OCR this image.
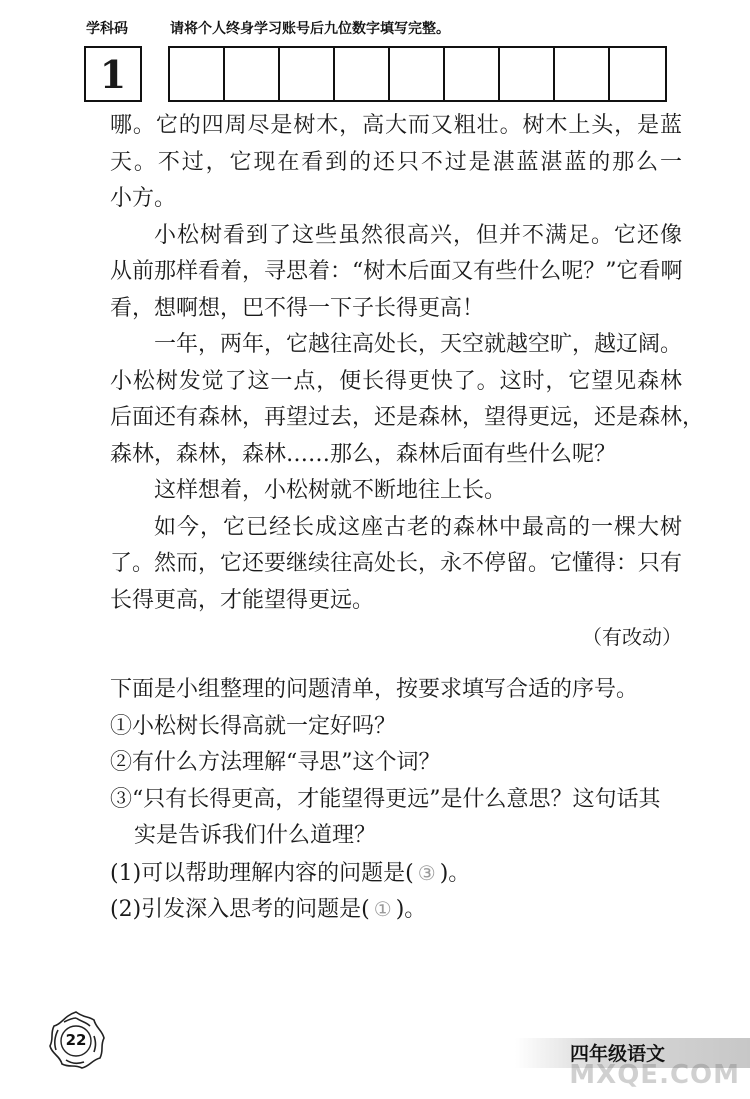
学科码	请将个人终身学习账号后九位数字填写完整。
1
哪。它的四周尽是树木，高大而又粗壮。树木上头，是蓝
天。不过，它现在看到的还只不过是湛蓝湛蓝的那么一
小方。
小松树看到了这些虽然很高兴，但并不满足。它还像
从前那样看着，寻思着：“树木后面又有些什么呢？”它看啊
看，想啊想，巴不得一下子长得更高！
一年，两年，它越往高处长，天空就越空旷，越辽阔。
小松树发觉了这一点，便长得更快了。这时，它望见森林
后面还有森林，再望过去，还是森林，望得更远，还是森林，
森林，森林，森林……那么，森林后面有些什么呢？
这样想着，小松树就不断地往上长。
如今，它已经长成这座古老的森林中最高的一棵大树
了。然而，它还要继续往高处长，永不停留。它懂得：只有
长得更高，才能望得更远。
（有改动）
下面是小组整理的问题清单，按要求填写合适的序号。
①小松树长得高就一定好吗？
②有什么方法理解“寻思”这个词？
③“只有长得更高，才能望得更远”是什么意思？这句话其
实是告诉我们什么道理？
(1)可以帮助理解内容的问题是( ③ )。
(2)引发深入思考的问题是( ① )。
22
四年级语文
MXQE.COM
